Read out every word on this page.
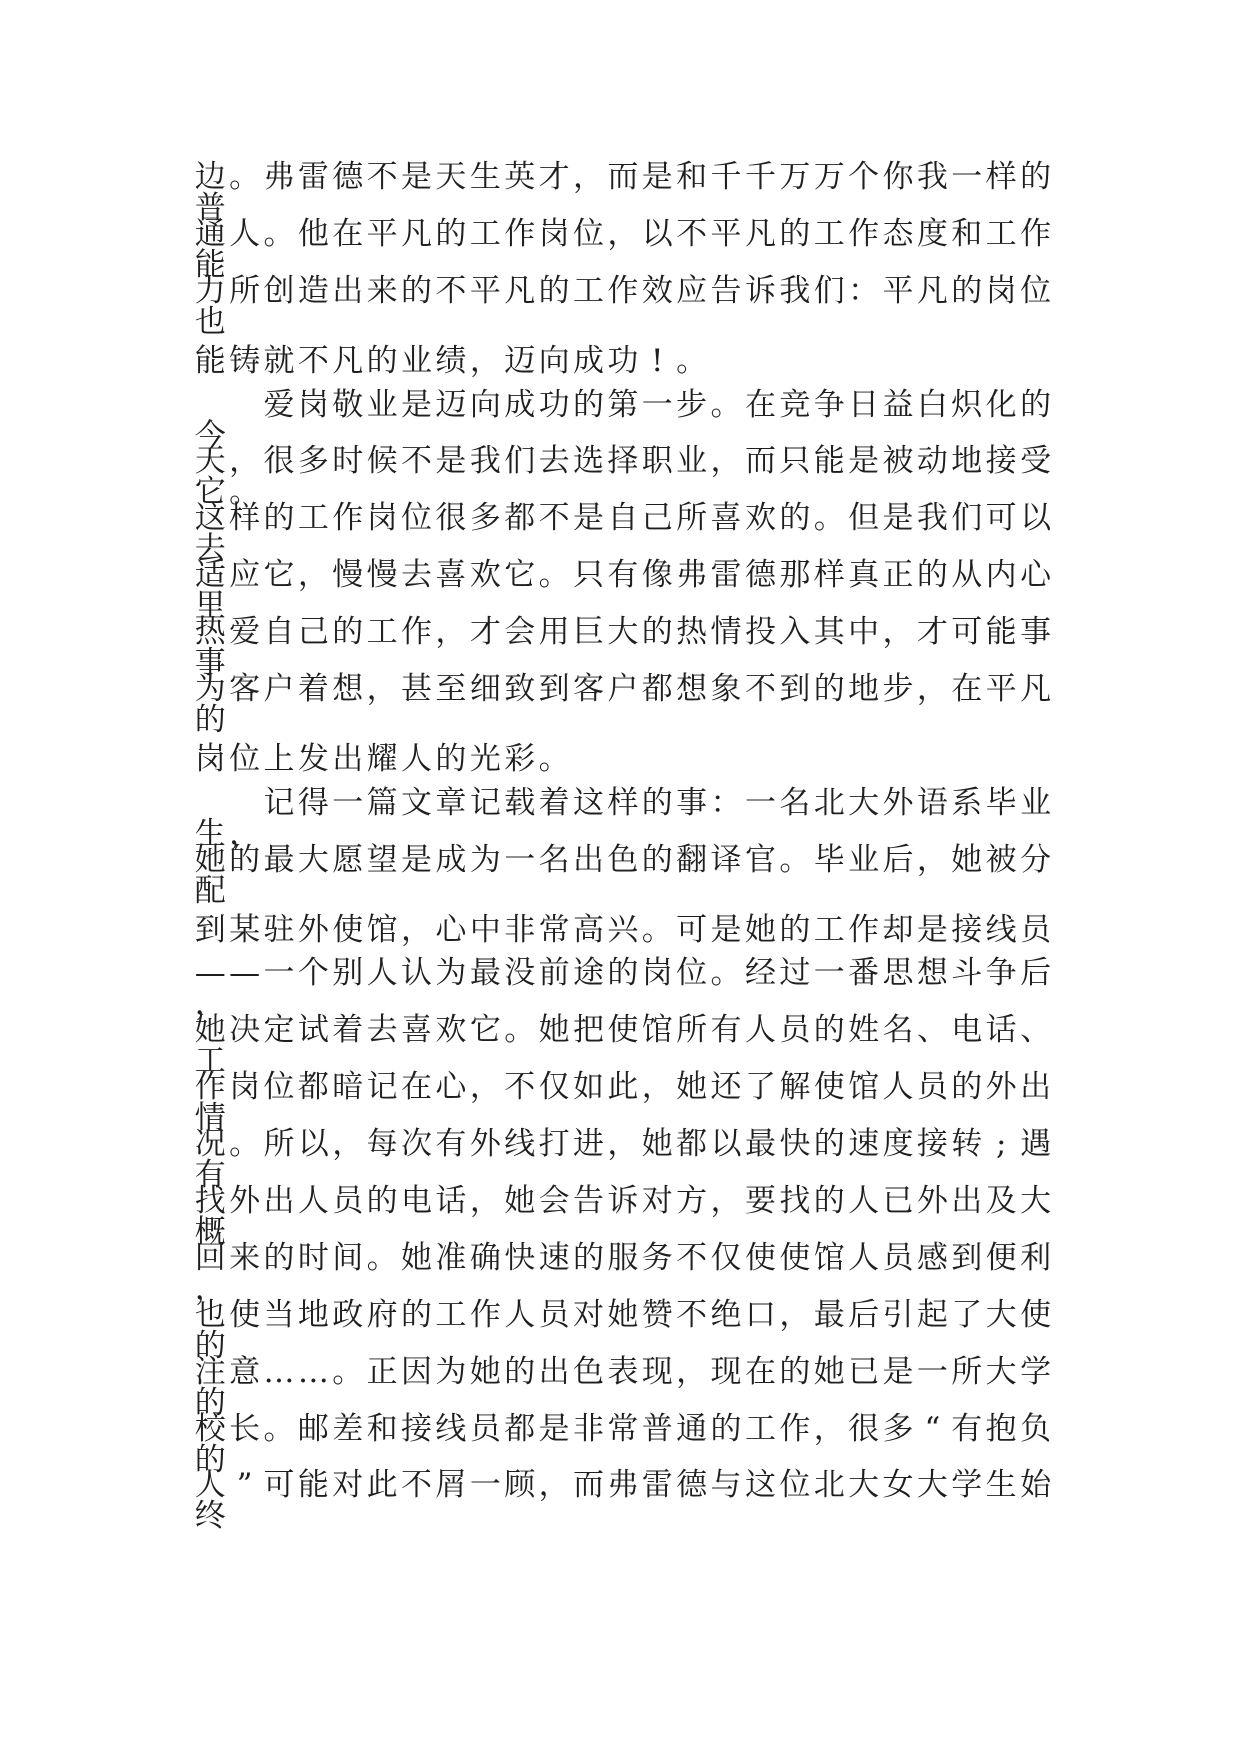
边 。 弗 雷 德 不 是 天 生 英 才 ， 而 是 和 千 千 万 万 个 你 我 一 样 的
普
通 人 。 他 在 平 凡 的 工 作 岗 位 ， 以 不 平 凡 的 工 作 态 度 和 工 作
能
力 所 创 造 出 来 的 不 平 凡 的 工 作 效 应 告 诉 我 们 ： 平 凡 的 岗 位
也
能 铸 就 不 凡 的 业 绩 ， 迈 向 成 功 ! 。

爱 岗 敬 业 是 迈 向 成 功 的 第 一 步 。 在 竞 争 日 益 白 炽 化 的
今
天 ， 很 多 时 候 不 是 我 们 去 选 择 职 业 ， 而 只 能 是 被 动 地 接 受
它 。
这 样 的 工 作 岗 位 很 多 都 不 是 自 己 所 喜 欢 的 。 但 是 我 们 可 以
去
适 应 它 ， 慢 慢 去 喜 欢 它 。 只 有 像 弗 雷 德 那 样 真 正 的 从 内 心
里
热 爱 自 己 的 工 作 ， 才 会 用 巨 大 的 热 情 投 入 其 中 ， 才 可 能 事
事
为 客 户 着 想 ， 甚 至 细 致 到 客 户 都 想 象 不 到 的 地 步 ， 在 平 凡
的
岗 位 上 发 出 耀 人 的 光 彩 。

记 得 一 篇 文 章 记 载 着 这 样 的 事 ： 一 名 北 大 外 语 系 毕 业
生 ，
她 的 最 大 愿 望 是 成 为 一 名 出 色 的 翻 译 官 。 毕 业 后 ， 她 被 分
配
到 某 驻 外 使 馆 ， 心 中 非 常 高 兴 。 可 是 她 的 工 作 却 是 接 线 员
— — 一 个 别 人 认 为 最 没 前 途 的 岗 位 。 经 过 一 番 思 想 斗 争 后
，
她 决 定 试 着 去 喜 欢 它 。 她 把 使 馆 所 有 人 员 的 姓 名 、 电 话 、
工
作 岗 位 都 暗 记 在 心 ， 不 仅 如 此 ， 她 还 了 解 使 馆 人 员 的 外 出
情
况 。 所 以 ， 每 次 有 外 线 打 进 ， 她 都 以 最 快 的 速 度 接 转 ; 遇
有
找 外 出 人 员 的 电 话 ， 她 会 告 诉 对 方 ， 要 找 的 人 已 外 出 及 大
概
回 来 的 时 间 。 她 准 确 快 速 的 服 务 不 仅 使 使 馆 人 员 感 到 便 利
，
也 使 当 地 政 府 的 工 作 人 员 对 她 赞 不 绝 口 ， 最 后 引 起 了 大 使
的
注 意 … … 。 正 因 为 她 的 出 色 表 现 ， 现 在 的 她 已 是 一 所 大 学
的
校 长 。 邮 差 和 接 线 员 都 是 非 常 普 通 的 工 作 ， 很 多 “ 有 抱 负
的
人 ” 可 能 对 此 不 屑 一 顾 ， 而 弗 雷 德 与 这 位 北 大 女 大 学 生 始
终
